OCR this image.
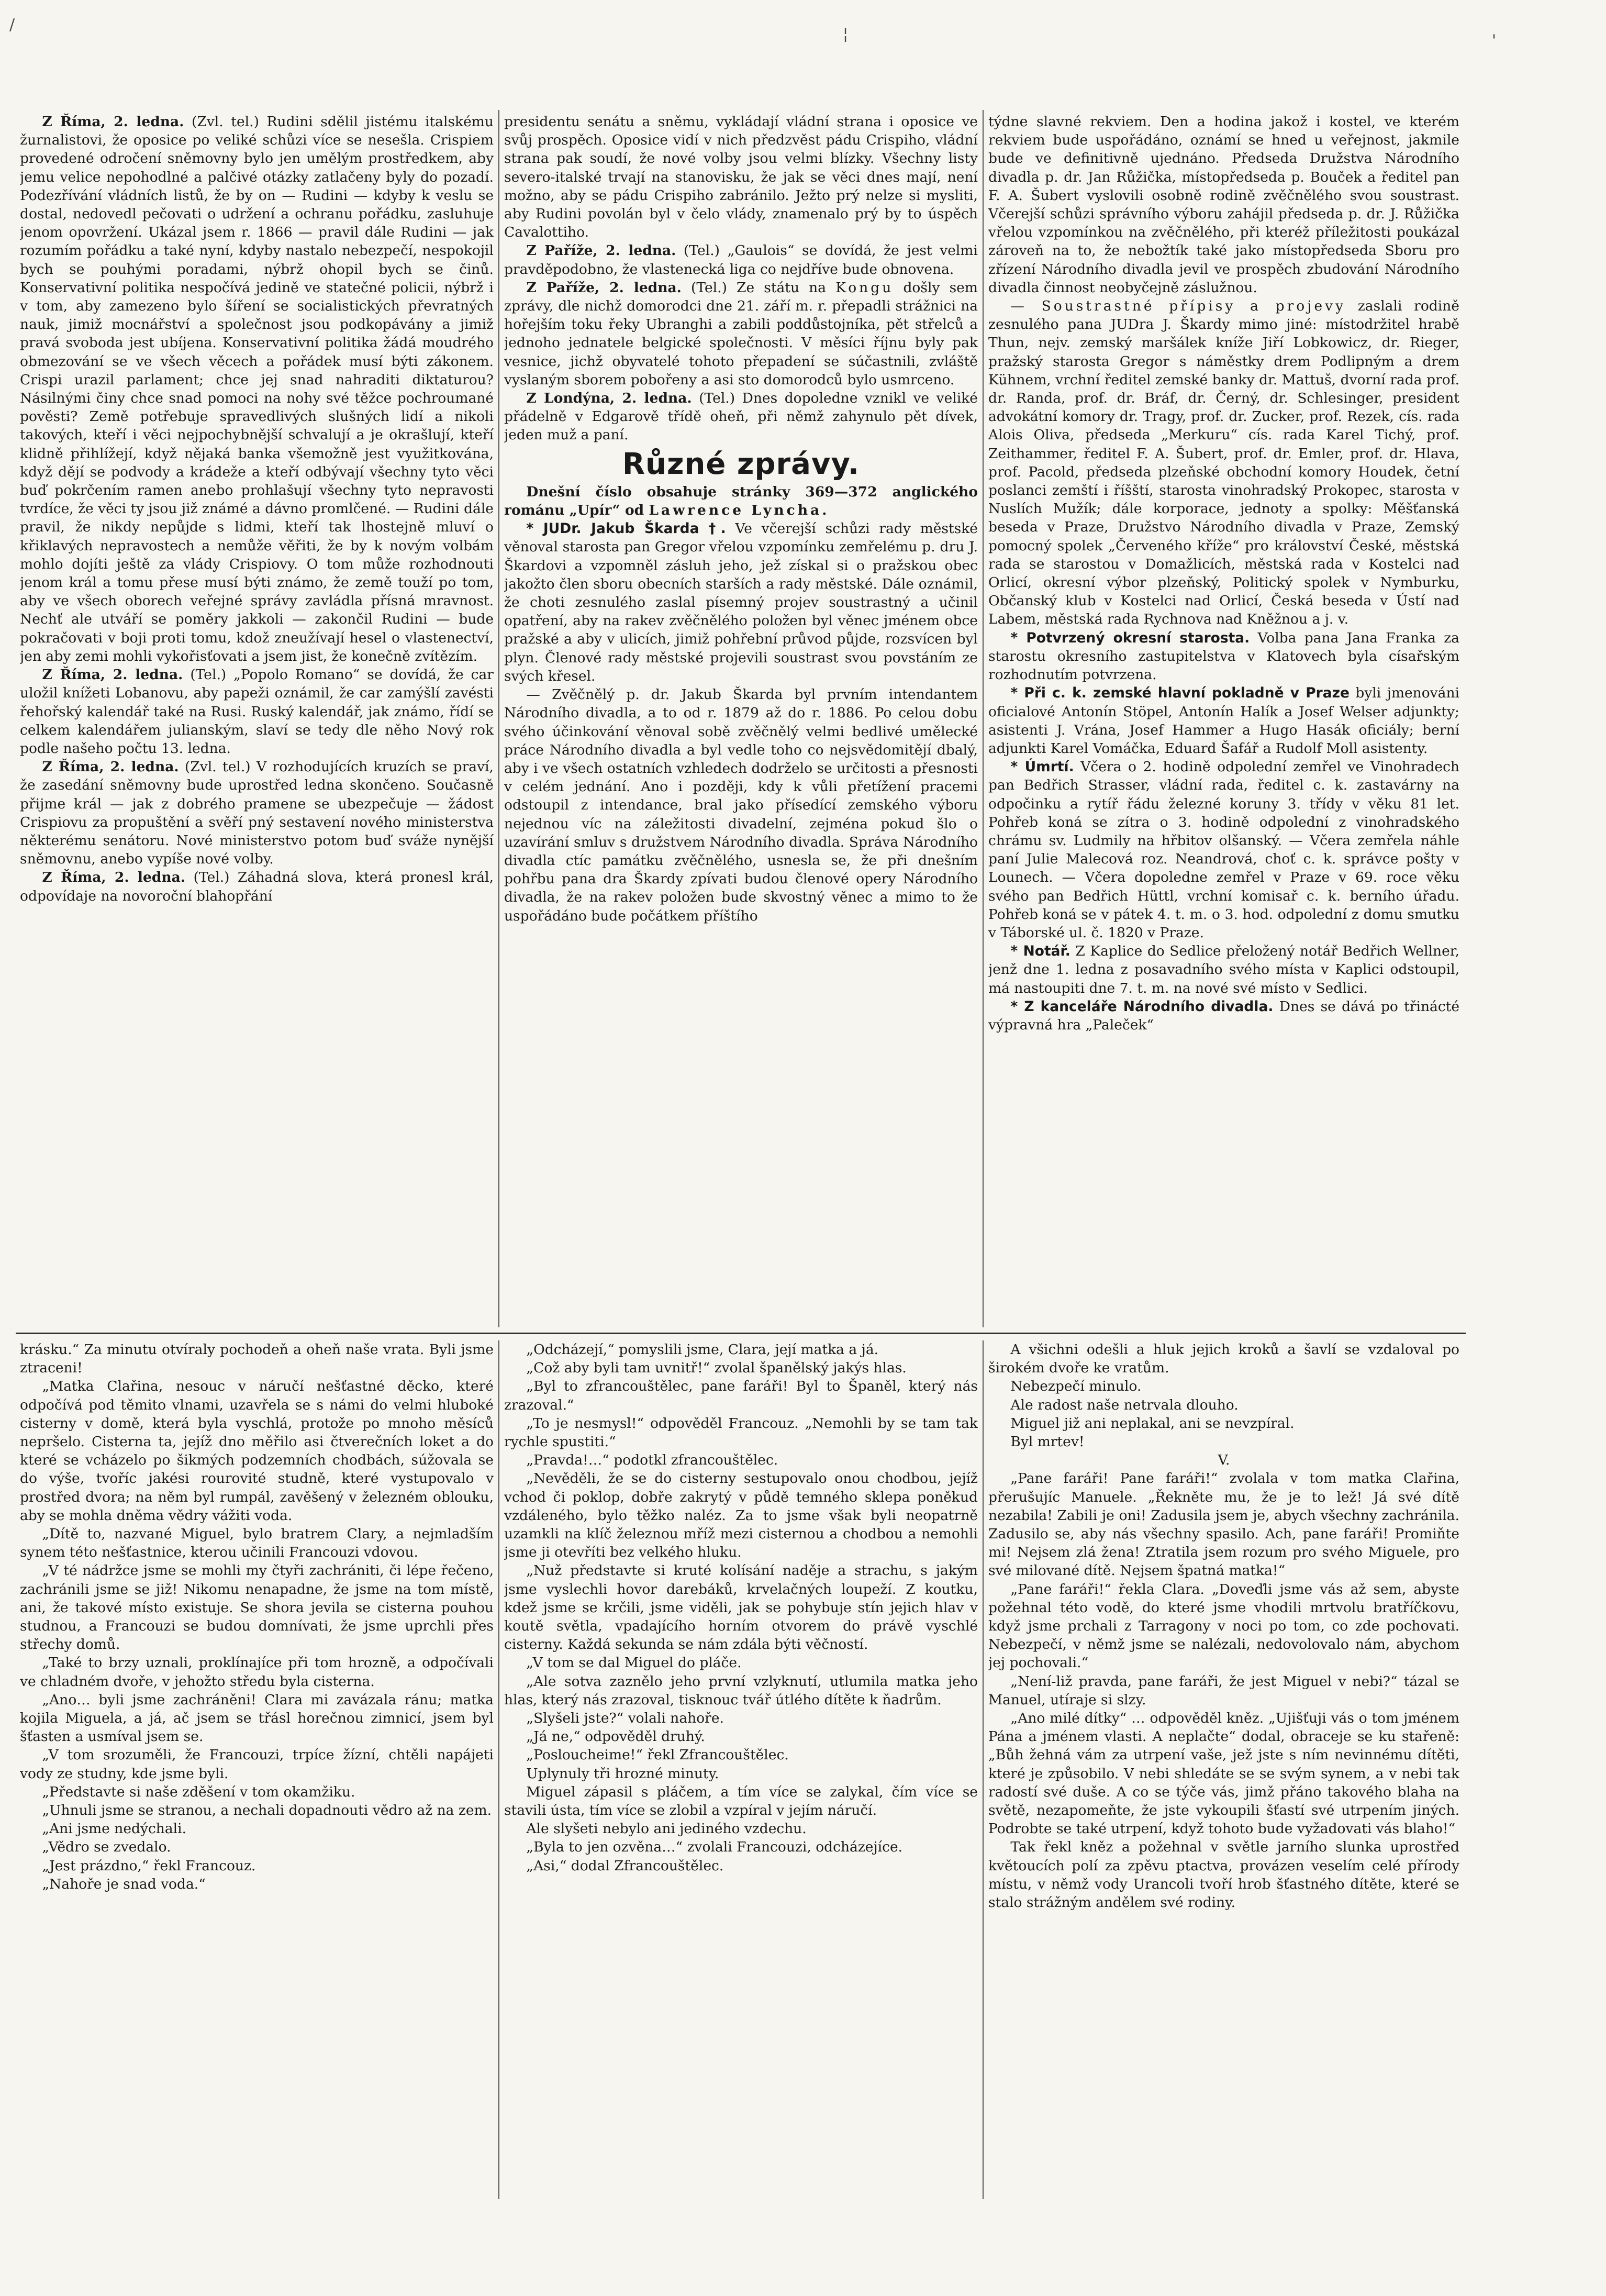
/
¦	'

Z Říma, 2. ledna. (Zvl. tel.) Rudini sdělil jistému italskému žurnalistovi, že oposice po veliké schůzi více se nesešla. Crispiem provedené odročení sněmovny bylo jen umělým prostředkem, aby jemu velice nepohodlné a palčivé otázky zatlačeny byly do pozadí. Podezřívání vládních listů, že by on — Rudini — kdyby k veslu se dostal, nedovedl pečovati o udržení a ochranu pořádku, zasluhuje jenom opovržení. Ukázal jsem r. 1866 — pravil dále Rudini — jak rozumím pořádku a také nyní, kdyby nastalo nebezpečí, nespokojil bych se pouhými poradami, nýbrž ohopil bych se činů. Konservativní politika nespočívá jedině ve statečné policii, nýbrž i v tom, aby zamezeno bylo šíření se socialistických převratných nauk, jimiž mocnářství a společnost jsou podkopávány a jimiž pravá svoboda jest ubíjena. Konservativní politika žádá moudrého obmezování se ve všech věcech a pořádek musí býti zákonem. Crispi urazil parlament; chce jej snad nahraditi diktaturou? Násilnými činy chce snad pomoci na nohy své těžce pochroumané pověsti? Země potřebuje spravedlivých slušných lidí a nikoli takových, kteří i věci nejpochybnější schvalují a je okrašlují, kteří klidně přihlížejí, když nějaká banka všemožně jest využitkována, když dějí se podvody a krádeže a kteří odbývají všechny tyto věci buď pokrčením ramen anebo prohlašují všechny tyto nepravosti tvrdíce, že věci ty jsou již známé a dávno promlčené. — Rudini dále pravil, že nikdy nepůjde s lidmi, kteří tak lhostejně mluví o křiklavých nepravostech a nemůže věřiti, že by k novým volbám mohlo dojíti ještě za vlády Crispiovy. O tom může rozhodnouti jenom král a tomu přese musí býti známo, že země touží po tom, aby ve všech oborech veřejné správy zavládla přísná mravnost. Nechť ale utváří se poměry jakkoli — zakončil Rudini — bude pokračovati v boji proti tomu, kdož zneužívají hesel o vlastenectví, jen aby zemi mohli vykořisťovati a jsem jist, že konečně zvítězím.

Z Říma, 2. ledna. (Tel.) „Popolo Romano“ se dovídá, že car uložil knížeti Lobanovu, aby papeži oznámil, že car zamýšlí zavésti řehořský kalendář také na Rusi. Ruský kalendář, jak známo, řídí se celkem kalendářem julianským, slaví se tedy dle něho Nový rok podle našeho počtu 13. ledna.

Z Říma, 2. ledna. (Zvl. tel.) V rozhodujících kruzích se praví, že zasedání sněmovny bude uprostřed ledna skončeno. Současně přijme král — jak z dobrého pramene se ubezpečuje — žádost Crispiovu za propuštění a svěří pný sestavení nového ministerstva některému senátoru. Nové ministerstvo potom buď sváže nynější sněmovnu, anebo vypíše nové volby.

Z Říma, 2. ledna. (Tel.) Záhadná slova, která pronesl král, odpovídaje na novoroční blahopřání

presidentu senátu a sněmu, vykládají vládní strana i oposice ve svůj prospěch. Oposice vidí v nich předzvěst pádu Crispiho, vládní strana pak soudí, že nové volby jsou velmi blízky. Všechny listy severo-italské trvají na stanovisku, že jak se věci dnes mají, není možno, aby se pádu Crispiho zabránilo. Ježto prý nelze si mysliti, aby Rudini povolán byl v čelo vlády, znamenalo prý by to úspěch Cavalottiho.

Z Paříže, 2. ledna. (Tel.) „Gaulois“ se dovídá, že jest velmi pravděpodobno, že vlastenecká liga co nejdříve bude obnovena.

Z Paříže, 2. ledna. (Tel.) Ze státu na Kongu došly sem zprávy, dle nichž domorodci dne 21. září m. r. přepadli strážnici na hořejším toku řeky Ubranghi a zabili poddůstojníka, pět střelců a jednoho jednatele belgické společnosti. V měsíci říjnu byly pak vesnice, jichž obyvatelé tohoto přepadení se súčastnili, zvláště vyslaným sborem pobořeny a asi sto domorodců bylo usmrceno.

Z Londýna, 2. ledna. (Tel.) Dnes dopoledne vznikl ve veliké přádelně v Edgarově třídě oheň, při němž zahynulo pět dívek, jeden muž a paní.

Různé zprávy.

Dnešní číslo obsahuje stránky 369—372 anglického románu „Upír“ od Lawrence Lyncha.

* JUDr. Jakub Škarda †. Ve včerejší schůzi rady městské věnoval starosta pan Gregor vřelou vzpomínku zemřelému p. dru J. Škardovi a vzpomněl zásluh jeho, jež získal si o pražskou obec jakožto člen sboru obecních starších a rady městské. Dále oznámil, že choti zesnulého zaslal písemný projev soustrastný a učinil opatření, aby na rakev zvěčnělého položen byl věnec jménem obce pražské a aby v ulicích, jimiž pohřební průvod půjde, rozsvícen byl plyn. Členové rady městské projevili soustrast svou povstáním ze svých křesel.

— Zvěčnělý p. dr. Jakub Škarda byl prvním intendantem Národního divadla, a to od r. 1879 až do r. 1886. Po celou dobu svého účinkování věnoval sobě zvěčnělý velmi bedlivé umělecké práce Národního divadla a byl vedle toho co nejsvědomitějí dbalý, aby i ve všech ostatních vzhledech dodrželo se určitosti a přesnosti v celém jednání. Ano i později, kdy k vůli přetížení pracemi odstoupil z intendance, bral jako přísedící zemského výboru nejednou víc na záležitosti divadelní, zejména pokud šlo o uzavírání smluv s družstvem Národního divadla. Správa Národního divadla ctíc památku zvěčnělého, usnesla se, že při dnešním pohřbu pana dra Škardy zpívati budou členové opery Národního divadla, že na rakev položen bude skvostný věnec a mimo to že uspořádáno bude počátkem příštího

týdne slavné rekviem. Den a hodina jakož i kostel, ve kterém rekviem bude uspořádáno, oznámí se hned u veřejnost, jakmile bude ve definitivně ujednáno. Předseda Družstva Národního divadla p. dr. Jan Růžička, místopředseda p. Bouček a ředitel pan F. A. Šubert vyslovili osobně rodině zvěčnělého svou soustrast. Včerejší schůzi správního výboru zahájil předseda p. dr. J. Růžička vřelou vzpomínkou na zvěčnělého, při kteréž příležitosti poukázal zároveň na to, že nebožtík také jako místopředseda Sboru pro zřízení Národního divadla jevil ve prospěch zbudování Národního divadla činnost neobyčejně záslužnou.

— Soustrastné přípisy a projevy zaslali rodině zesnulého pana JUDra J. Škardy mimo jiné: místodržitel hrabě Thun, nejv. zemský maršálek kníže Jiří Lobkowicz, dr. Rieger, pražský starosta Gregor s náměstky drem Podlipným a drem Kühnem, vrchní ředitel zemské banky dr. Mattuš, dvorní rada prof. dr. Randa, prof. dr. Bráf, dr. Černý, dr. Schlesinger, president advokátní komory dr. Tragy, prof. dr. Zucker, prof. Rezek, cís. rada Alois Oliva, předseda „Merkuru“ cís. rada Karel Tichý, prof. Zeithammer, ředitel F. A. Šubert, prof. dr. Emler, prof. dr. Hlava, prof. Pacold, předseda plzeňské obchodní komory Houdek, četní poslanci zemští i říšští, starosta vinohradský Prokopec, starosta v Nuslích Mužík; dále korporace, jednoty a spolky: Měšťanská beseda v Praze, Družstvo Národního divadla v Praze, Zemský pomocný spolek „Červeného kříže“ pro království České, městská rada se starostou v Domažlicích, městská rada v Kostelci nad Orlicí, okresní výbor plzeňský, Politický spolek v Nymburku, Občanský klub v Kostelci nad Orlicí, Česká beseda v Ústí nad Labem, městská rada Rychnova nad Kněžnou a j. v.

* Potvrzený okresní starosta. Volba pana Jana Franka za starostu okresního zastupitelstva v Klatovech byla císařským rozhodnutím potvrzena.

* Při c. k. zemské hlavní pokladně v Praze byli jmenováni oficialové Antonín Stöpel, Antonín Halík a Josef Welser adjunkty; asistenti J. Vrána, Josef Hammer a Hugo Hasák oficiály; berní adjunkti Karel Vomáčka, Eduard Šafář a Rudolf Moll asistenty.

* Úmrtí. Včera o 2. hodině odpolední zemřel ve Vinohradech pan Bedřich Strasser, vládní rada, ředitel c. k. zastavárny na odpočinku a rytíř řádu železné koruny 3. třídy v věku 81 let. Pohřeb koná se zítra o 3. hodině odpolední z vinohradského chrámu sv. Ludmily na hřbitov olšanský. — Včera zemřela náhle paní Julie Malecová roz. Neandrová, choť c. k. správce pošty v Lounech. — Včera dopoledne zemřel v Praze v 69. roce věku svého pan Bedřich Hüttl, vrchní komisař c. k. berního úřadu. Pohřeb koná se v pátek 4. t. m. o 3. hod. odpolední z domu smutku v Táborské ul. č. 1820 v Praze.

* Notář. Z Kaplice do Sedlice přeložený notář Bedřich Wellner, jenž dne 1. ledna z posavadního svého místa v Kaplici odstoupil, má nastoupiti dne 7. t. m. na nové své místo v Sedlici.

* Z kanceláře Národního divadla. Dnes se dává po třinácté výpravná hra „Paleček“

krásku.“ Za minutu otvíraly pochodeň a oheň naše vrata. Byli jsme ztraceni!

„Matka Clařina, nesouc v náručí nešťastné děcko, které odpočívá pod těmito vlnami, uzavřela se s námi do velmi hluboké cisterny v domě, která byla vyschlá, protože po mnoho měsíců nepršelo. Cisterna ta, jejíž dno měřilo asi čtverečních loket a do které se vcházelo po šikmých podzemních chodbách, súžovala se do výše, tvoříc jakési rourovité studně, které vystupovalo v prostřed dvora; na něm byl rumpál, zavěšený v železném oblouku, aby se mohla dněma vědry vážiti voda.

„Dítě to, nazvané Miguel, bylo bratrem Clary, a nejmladším synem této nešťastnice, kterou učinili Francouzi vdovou.

„V té nádržce jsme se mohli my čtyři zachrániti, či lépe řečeno, zachránili jsme se již! Nikomu nenapadne, že jsme na tom místě, ani, že takové místo existuje. Se shora jevila se cisterna pouhou studnou, a Francouzi se budou domnívati, že jsme uprchli přes střechy domů.

„Také to brzy uznali, proklínajíce při tom hrozně, a odpočívali ve chladném dvoře, v jehožto středu byla cisterna.

„Ano… byli jsme zachráněni! Clara mi zavázala ránu; matka kojila Miguela, a já, ač jsem se třásl horečnou zimnicí, jsem byl šťasten a usmíval jsem se.

„V tom srozuměli, že Francouzi, trpíce žízní, chtěli napájeti vody ze studny, kde jsme byli.

„Představte si naše zděšení v tom okamžiku.

„Uhnuli jsme se stranou, a nechali dopadnouti vědro až na zem.

„Ani jsme nedýchali.

„Vědro se zvedalo.

„Jest prázdno,“ řekl Francouz.

„Nahoře je snad voda.“

„Odcházejí,“ pomyslili jsme, Clara, její matka a já.

„Což aby byli tam uvnitř!“ zvolal španělský jakýs hlas.

„Byl to zfrancouštělec, pane faráři! Byl to Španěl, který nás zrazoval.“

„To je nesmysl!“ odpověděl Francouz. „Nemohli by se tam tak rychle spustiti.“

„Pravda!…“ podotkl zfrancouštělec.

„Nevěděli, že se do cisterny sestupovalo onou chodbou, jejíž vchod či poklop, dobře zakrytý v půdě temného sklepa poněkud vzdáleného, bylo těžko naléz. Za to jsme však byli neopatrně uzamkli na klíč železnou mříž mezi cisternou a chodbou a nemohli jsme ji otevříti bez velkého hluku.

„Nuž představte si kruté kolísání naděje a strachu, s jakým jsme vyslechli hovor darebáků, krvelačných loupeží. Z koutku, kdež jsme se krčili, jsme viděli, jak se pohybuje stín jejich hlav v koutě světla, vpadajícího horním otvorem do právě vyschlé cisterny. Každá sekunda se nám zdála býti věčností.

„V tom se dal Miguel do pláče.

„Ale sotva zaznělo jeho první vzlyknutí, utlumila matka jeho hlas, který nás zrazoval, tisknouc tvář útlého dítěte k ňadrům.

„Slyšeli jste?“ volali nahoře.

„Já ne,“ odpověděl druhý.

„Posloucheime!“ řekl Zfrancouštělec.

Uplynuly tři hrozné minuty.

Miguel zápasil s pláčem, a tím více se zalykal, čím více se stavili ústa, tím více se zlobil a vzpíral v jejím náručí.

Ale slyšeti nebylo ani jediného vzdechu.

„Byla to jen ozvěna…“ zvolali Francouzi, odcházejíce.

„Asi,“ dodal Zfrancouštělec.

A všichni odešli a hluk jejich kroků a šavlí se vzdaloval po širokém dvoře ke vratům.

Nebezpečí minulo.

Ale radost naše netrvala dlouho.

Miguel již ani neplakal, ani se nevzpíral.

Byl mrtev!

V.

„Pane faráři! Pane faráři!“ zvolala v tom matka Clařina, přerušujíc Manuele. „Řekněte mu, že je to lež! Já své dítě nezabila! Zabili je oni! Zadusila jsem je, abych všechny zachránila. Zadusilo se, aby nás všechny spasilo. Ach, pane faráři! Promiňte mi! Nejsem zlá žena! Ztratila jsem rozum pro svého Miguele, pro své milované dítě. Nejsem špatná matka!“

„Pane faráři!“ řekla Clara. „Doveďli jsme vás až sem, abyste požehnal této vodě, do které jsme vhodili mrtvolu bratříčkovu, když jsme prchali z Tarragony v noci po tom, co zde pochovati. Nebezpečí, v němž jsme se nalézali, nedovolovalo nám, abychom jej pochovali.“

„Není-liž pravda, pane faráři, že jest Miguel v nebi?“ tázal se Manuel, utíraje si slzy.

„Ano milé dítky“ … odpověděl kněz. „Ujišťuji vás o tom jménem Pána a jménem vlasti. A neplačte“ dodal, obraceje se ku stařeně: „Bůh žehná vám za utrpení vaše, jež jste s ním nevinnému dítěti, které je způsobilo. V nebi shledáte se se svým synem, a v nebi tak radostí své duše. A co se týče vás, jimž přáno takového blaha na světě, nezapomeňte, že jste vykoupili šťastí své utrpením jiných. Podrobte se také utrpení, když tohoto bude vyžadovati vás blaho!“

Tak řekl kněz a požehnal v světle jarního slunka uprostřed květoucích polí za zpěvu ptactva, provázen veselím celé přírody místu, v němž vody Urancoli tvoří hrob šťastného dítěte, které se stalo strážným andělem své rodiny.
